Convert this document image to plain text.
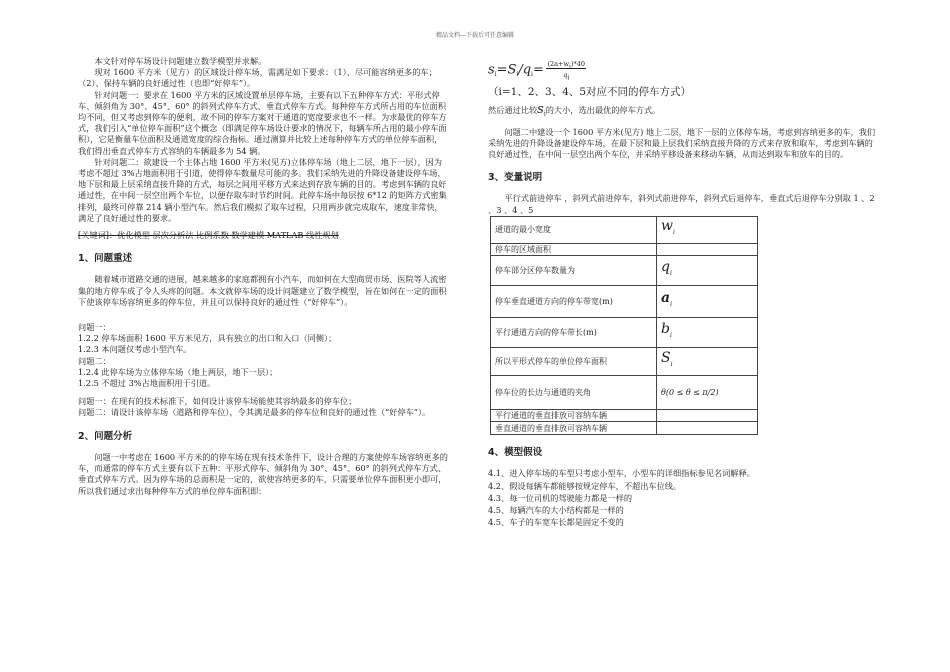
精品文档---下载后可任意编辑

本文针对停车场设计问题建立数学模型并求解。

现对 1600 平方米（见方）的区域设计停车场，需满足如下要求：（1）、尽可能容纳更多的车；（2）、保持车辆的良好通过性（也即“好停车”）。

针对问题一：要求在 1600 平方米的区域设置单层停车场，主要有以下五种停车方式：平形式停车、倾斜角为 30°、45°、60° 的斜列式停车方式、垂直式停车方式。每种停车方式所占用的车位面积均不同，但又考虑到停车的便利，故不同的停车方案对于通道的宽度要求也不一样。为求最优的停车方式，我们引入“单位停车面积”这个概念（即满足停车场设计要求的情况下，每辆车所占用的最小停车面积），它是衡量车位面积及通道宽度的综合指标。通过测算并比较上述每种停车方式的单位停车面积，我们得出垂直式停车方式容纳的车辆最多为 54 辆。

针对问题二：欲建设一个主体占地 1600 平方米(见方)立体停车场（地上二层，地下一层），因为考虑不超过 3%占地面积用于引道，使得停车数量尽可能的多。我们采纳先进的升降设备建设停车场，地下层和最上层采纳直接升降的方式，每层之间用平移方式来达到存放车辆的目的。考虑到车辆的良好通过性，在中间一层空出两个车位，以便存取车时节约时间。此停车场中每层按 6*12 的矩阵方式密集排列，最终可停靠 214 辆小型汽车。然后我们模拟了取车过程，只用两步就完成取车，速度非常快，满足了良好通过性的要求。

[关键词]：优化模型 层次分析法 比例系数 数学建模 MATLAB 线性规划

1、问题重述

随着城市道路交通的进展，越来越多的家庭都拥有小汽车，而如何在大型商贸市场、医院等人流密集的地方停车成了令人头疼的问题。本文就停车场的设计问题建立了数学模型，旨在如何在一定的面积下使该停车场容纳更多的停车位，并且可以保持良好的通过性（“好停车”）。

问题一：

1.2.2 停车场面积 1600 平方米见方，具有独立的出口和入口（同侧）；

1.2.3 本问题仅考虑小型汽车。

问题二：

1.2.4 此停车场为立体停车场（地上两层，地下一层）；

1.2.5 不超过 3%占地面积用于引道。

问题一：在现有的技术标准下，如何设计该停车场能使其容纳最多的停车位；

问题二：请设计该停车场（道路和停车位），令其满足最多的停车位和良好的通过性（“好停车”）。

2、问题分析

问题一中考虑在 1600 平方米的的停车场在现有技术条件下，设计合理的方案使停车场容纳更多的车，而通常的停车方式主要有以下五种：平形式停车、倾斜角为 30°、45°、60° 的斜列式停车方式、垂直式停车方式。因为停车场的总面积是一定的，欲使容纳更多的车，只需要单位停车面积更小即可，所以我们通过求出每种停车方式的单位停车面积即：

$s_i=S_i/q_i= \frac{(2a+wi)*40}{qi}$

（i=1、2、3、4、5对应不同的停车方式）

然后通过比较$s_i$的大小，选出最优的停车方式。

问题二中建设一个 1600 平方米(见方) 地上二层，地下一层的立体停车场，考虑到容纳更多的车，我们采纳先进的升降设备建设停车场，在最下层和最上层我们采纳直接升降的方式来存放和取车，考虑到车辆的良好通过性，在中间一层空出两个车位，并采纳平移设备来移动车辆，从而达到取车和放车的目的。

3、变量说明

平行式前进停车 ，斜列式前进停车，斜列式前进停车，斜列式后退停车，垂直式后退停车分别取 1 、2 、3 、4 、5

通道的最小宽度	$w_i$
停车的区域面积	
停车部分区停车数量为	$q_i$
停车垂直通道方向的停车带宽(m)	$a_i$
平行通道方向的停车带长(m)	$b_i$
所以平形式停车的单位停车面积	$S_i$
停车位的长边与通道的夹角	θ(0 ≤ θ ≤ π/2)
平行通道的垂直排放可容纳车辆	
垂直通道的垂直排放可容纳车辆	
4、模型假设

4.1、进入停车场的车型只考虑小型车，小型车的详细指标参见名词解释。

4.2、假设每辆车都能够按规定停车，不超出车位线。

4.3、每一位司机的驾驶能力都是一样的

4.5、每辆汽车的大小结构都是一样的

4.5、车子的车宽车长都是固定不变的
